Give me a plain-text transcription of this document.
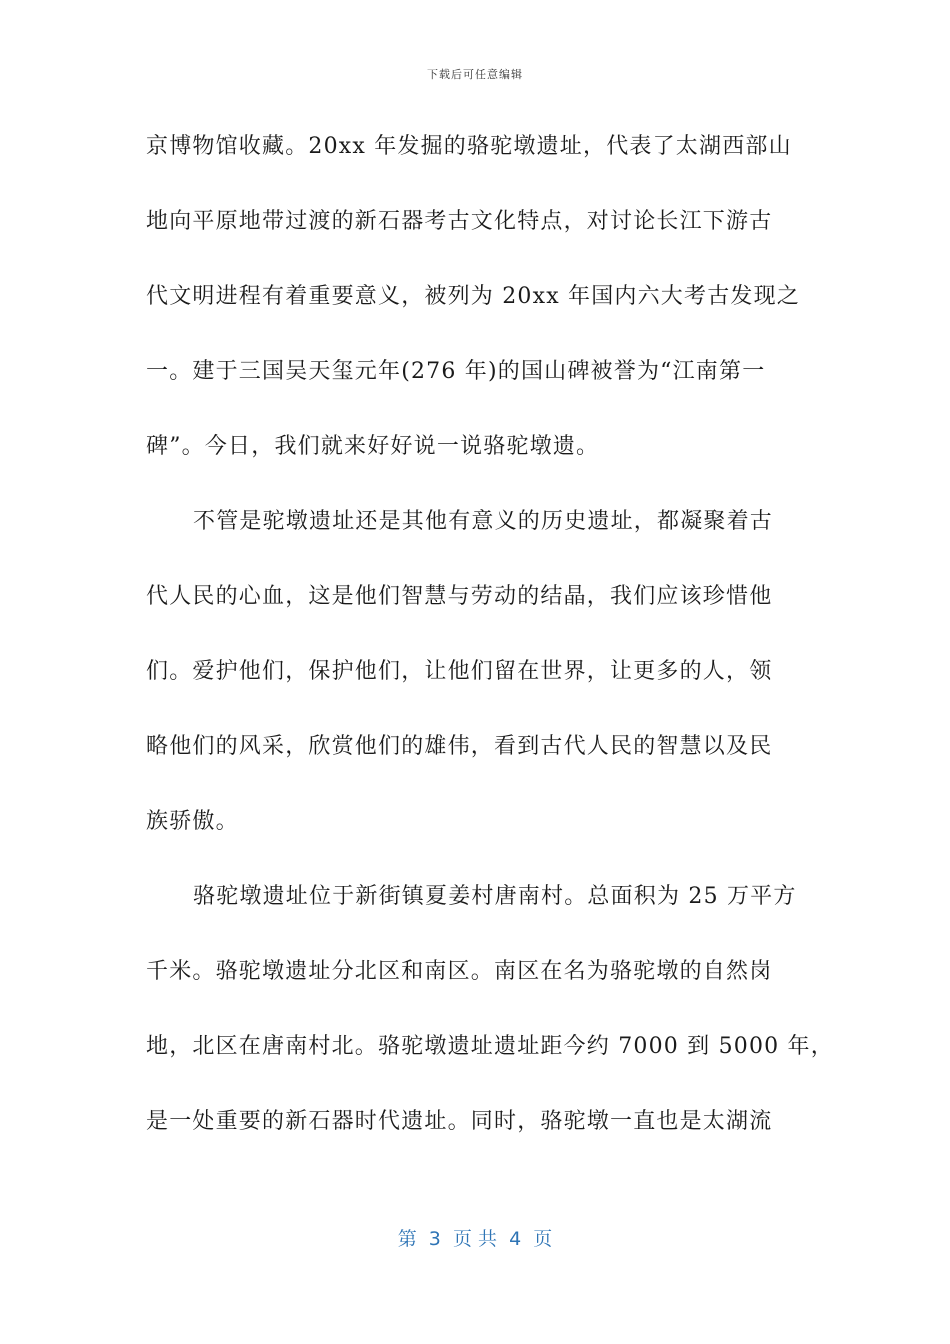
下载后可任意编辑
京博物馆收藏。20xx 年发掘的骆驼墩遗址，代表了太湖西部山
地向平原地带过渡的新石器考古文化特点，对讨论长江下游古
代文明进程有着重要意义，被列为 20xx 年国内六大考古发现之
一。建于三国吴天玺元年(276 年)的国山碑被誉为“江南第一
碑”。今日，我们就来好好说一说骆驼墩遗。
不管是驼墩遗址还是其他有意义的历史遗址，都凝聚着古
代人民的心血，这是他们智慧与劳动的结晶，我们应该珍惜他
们。爱护他们，保护他们，让他们留在世界，让更多的人，领
略他们的风采，欣赏他们的雄伟，看到古代人民的智慧以及民
族骄傲。
骆驼墩遗址位于新街镇夏姜村唐南村。总面积为 25 万平方
千米。骆驼墩遗址分北区和南区。南区在名为骆驼墩的自然岗
地，北区在唐南村北。骆驼墩遗址遗址距今约 7000 到 5000 年，
是一处重要的新石器时代遗址。同时，骆驼墩一直也是太湖流
第  3  页 共  4  页
